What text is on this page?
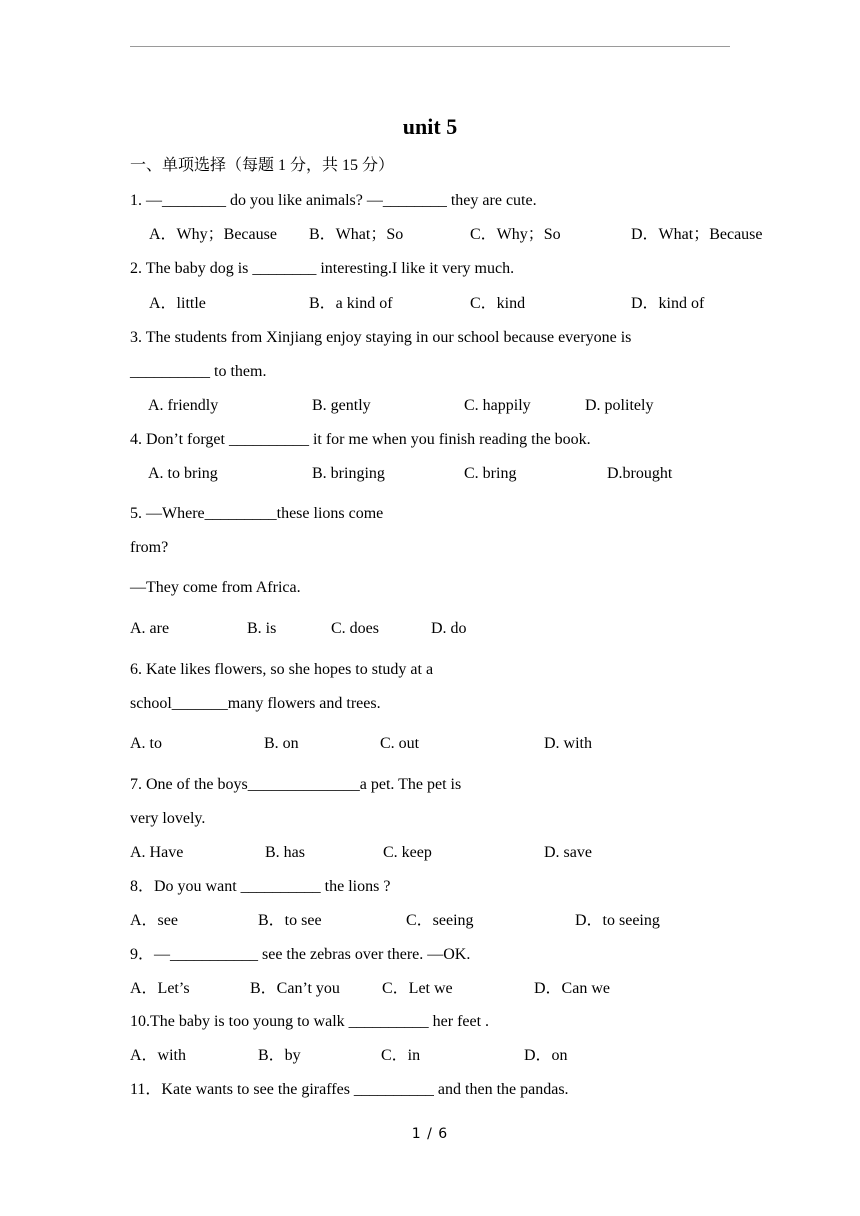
unit 5
一、单项选择（每题 1 分，共 15 分）
1. —________ do you like animals? —________ they are cute.
A．Why；Because B．What；So	C．Why；So	D．What；Because
2. The baby dog is ________ interesting.I like it very much.
A．little	B．a kind of	C．kind	D．kind of
3. The students from Xinjiang enjoy staying in our school because everyone is
__________ to them.
A. friendly	B. gently	C. happily	D. politely
4. Don’t forget __________ it for me when you finish reading the book.
A. to bring	B. bringing	C. bring	D.brought
5. —Where_________these lions come
from?
—They come from Africa.
A. are	B. is	C. does	D. do
6. Kate likes flowers, so she hopes to study at a
school_______many flowers and trees.
A. to	B. on	C. out	D. with
7. One of the boys______________a pet. The pet is
very lovely.
A. Have	B. has	C. keep	D. save
8．Do you want __________ the lions ?
A．see	B．to see	C．seeing	D．to seeing
9．—___________ see the zebras over there. —OK.
A．Let’s	B．Can’t you	C．Let we	D．Can we
10.The baby is too young to walk __________ her feet .
A．with	B．by	C．in	D．on
11．Kate wants to see the giraffes __________ and then the pandas.
1 / 6
